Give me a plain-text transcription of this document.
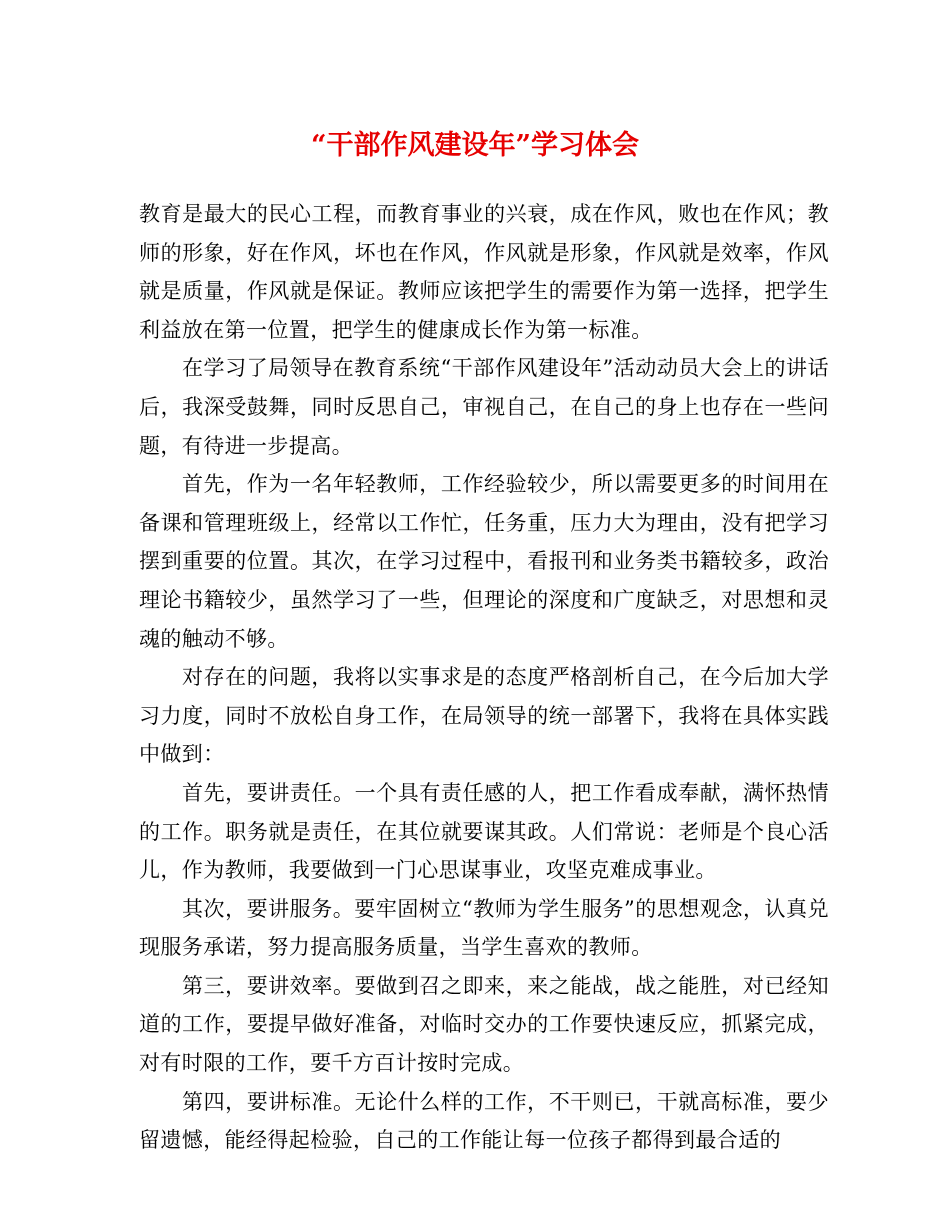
“干部作风建设年”学习体会

教育是最大的民心工程，而教育事业的兴衰，成在作风，败也在作风；教师的形象，好在作风，坏也在作风，作风就是形象，作风就是效率，作风就是质量，作风就是保证。教师应该把学生的需要作为第一选择，把学生利益放在第一位置，把学生的健康成长作为第一标准。

在学习了局领导在教育系统“干部作风建设年”活动动员大会上的讲话后，我深受鼓舞，同时反思自己，审视自己，在自己的身上也存在一些问题，有待进一步提高。

首先，作为一名年轻教师，工作经验较少，所以需要更多的时间用在备课和管理班级上，经常以工作忙，任务重，压力大为理由，没有把学习摆到重要的位置。其次，在学习过程中，看报刊和业务类书籍较多，政治理论书籍较少，虽然学习了一些，但理论的深度和广度缺乏，对思想和灵魂的触动不够。

对存在的问题，我将以实事求是的态度严格剖析自己，在今后加大学习力度，同时不放松自身工作，在局领导的统一部署下，我将在具体实践中做到：

首先，要讲责任。一个具有责任感的人，把工作看成奉献，满怀热情的工作。职务就是责任，在其位就要谋其政。人们常说：老师是个良心活儿，作为教师，我要做到一门心思谋事业，攻坚克难成事业。

其次，要讲服务。要牢固树立“教师为学生服务”的思想观念，认真兑现服务承诺，努力提高服务质量，当学生喜欢的教师。

第三，要讲效率。要做到召之即来，来之能战，战之能胜，对已经知道的工作，要提早做好准备，对临时交办的工作要快速反应，抓紧完成，对有时限的工作，要千方百计按时完成。

第四，要讲标准。无论什么样的工作，不干则已，干就高标准，要少留遗憾，能经得起检验，自己的工作能让每一位孩子都得到最合适的
